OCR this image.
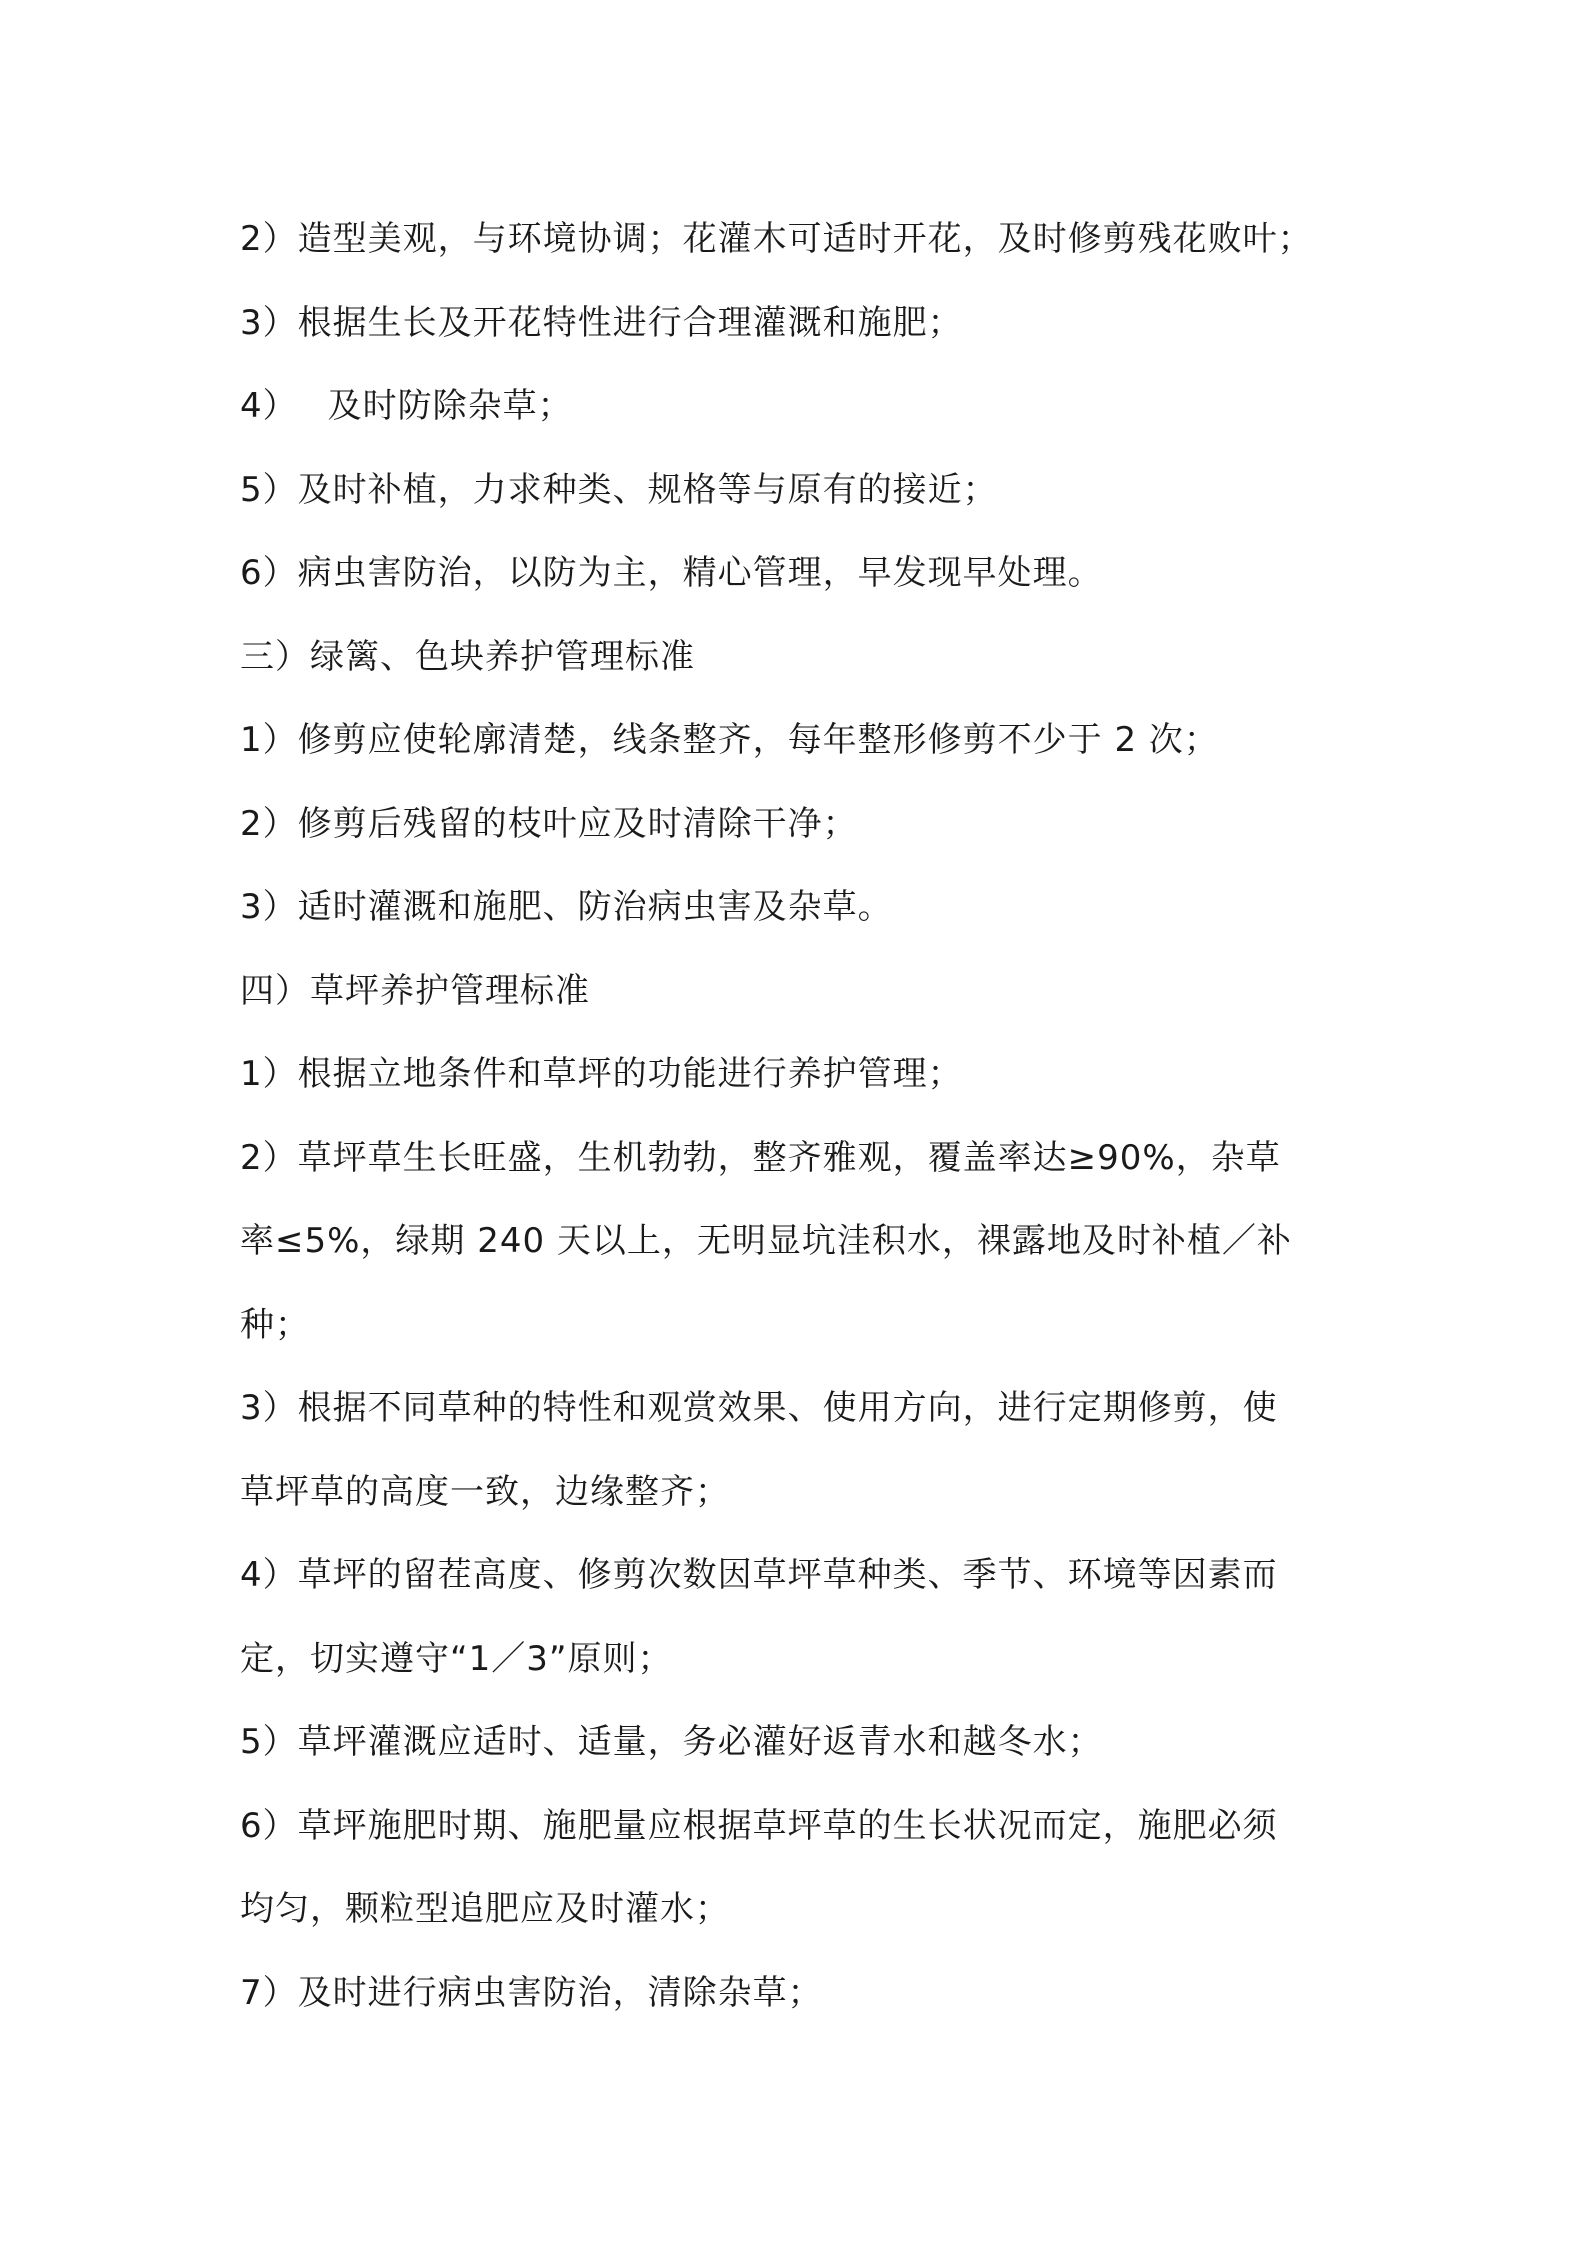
2）造型美观，与环境协调；花灌木可适时开花，及时修剪残花败叶；
3）根据生长及开花特性进行合理灌溉和施肥；
4） 及时防除杂草；
5）及时补植，力求种类、规格等与原有的接近；
6）病虫害防治，以防为主，精心管理，早发现早处理。
三）绿篱、色块养护管理标准
1）修剪应使轮廓清楚，线条整齐，每年整形修剪不少于 2 次；
2）修剪后残留的枝叶应及时清除干净；
3）适时灌溉和施肥、防治病虫害及杂草。
四）草坪养护管理标准
1）根据立地条件和草坪的功能进行养护管理；
2）草坪草生长旺盛，生机勃勃，整齐雅观，覆盖率达≥90%，杂草
率≤5%，绿期 240 天以上，无明显坑洼积水，裸露地及时补植／补
种；
3）根据不同草种的特性和观赏效果、使用方向，进行定期修剪，使
草坪草的高度一致，边缘整齐；
4）草坪的留茬高度、修剪次数因草坪草种类、季节、环境等因素而
定，切实遵守“1／3”原则；
5）草坪灌溉应适时、适量，务必灌好返青水和越冬水；
6）草坪施肥时期、施肥量应根据草坪草的生长状况而定，施肥必须
均匀，颗粒型追肥应及时灌水；
7）及时进行病虫害防治，清除杂草；
